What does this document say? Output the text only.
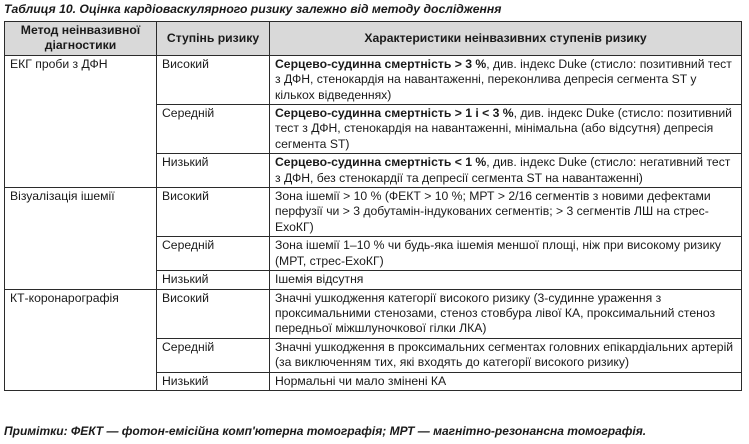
Таблиця 10. Оцінка кардіоваскулярного ризику залежно від методу дослідження
Метод неінвазивної діагностики	Ступінь ризику	Характеристики неінвазивних ступенів ризику
ЕКГ проби з ДФН	Високий	Серцево-судинна смертність > 3 %, див. індекс Duke (стисло: позитивний тест з ДФН, стенокардія на навантаженні, переконлива депресія сегмента ST у кількох відведеннях)
	Середній	Серцево-судинна смертність > 1 і < 3 %, див. індекс Duke (стисло: позитивний тест з ДФН, стенокардія на навантаженні, мінімальна (або відсутня) депресія сегмента ST)
	Низький	Серцево-судинна смертність < 1 %, див. індекс Duke (стисло: негативний тест з ДФН, без стенокардії та депресії сегмента ST на навантаженні)
Візуалізація ішемії	Високий	Зона ішемії > 10 % (ФЕКТ > 10 %; МРТ > 2/16 сегментів з новими дефектами перфузії чи > 3 добутамін-індукованих сегментів; > 3 сегментів ЛШ на стрес-ЕхоКГ)
	Середній	Зона ішемії 1–10 % чи будь-яка ішемія меншої площі, ніж при високому ризику (МРТ, стрес-ЕхоКГ)
	Низький	Ішемія відсутня
КТ-коронарографія	Високий	Значні ушкодження категорії високого ризику (3-судинне ураження з проксимальними стенозами, стеноз стовбура лівої КА, проксимальний стеноз передньої міжшлуночкової гілки ЛКА)
	Середній	Значні ушкодження в проксимальних сегментах головних епікардіальних артерій (за виключенням тих, які входять до категорії високого ризику)
	Низький	Нормальні чи мало змінені КА
Примітки: ФЕКТ — фотон-емісійна комп'ютерна томографія; МРТ — магнітно-резонансна томографія.
